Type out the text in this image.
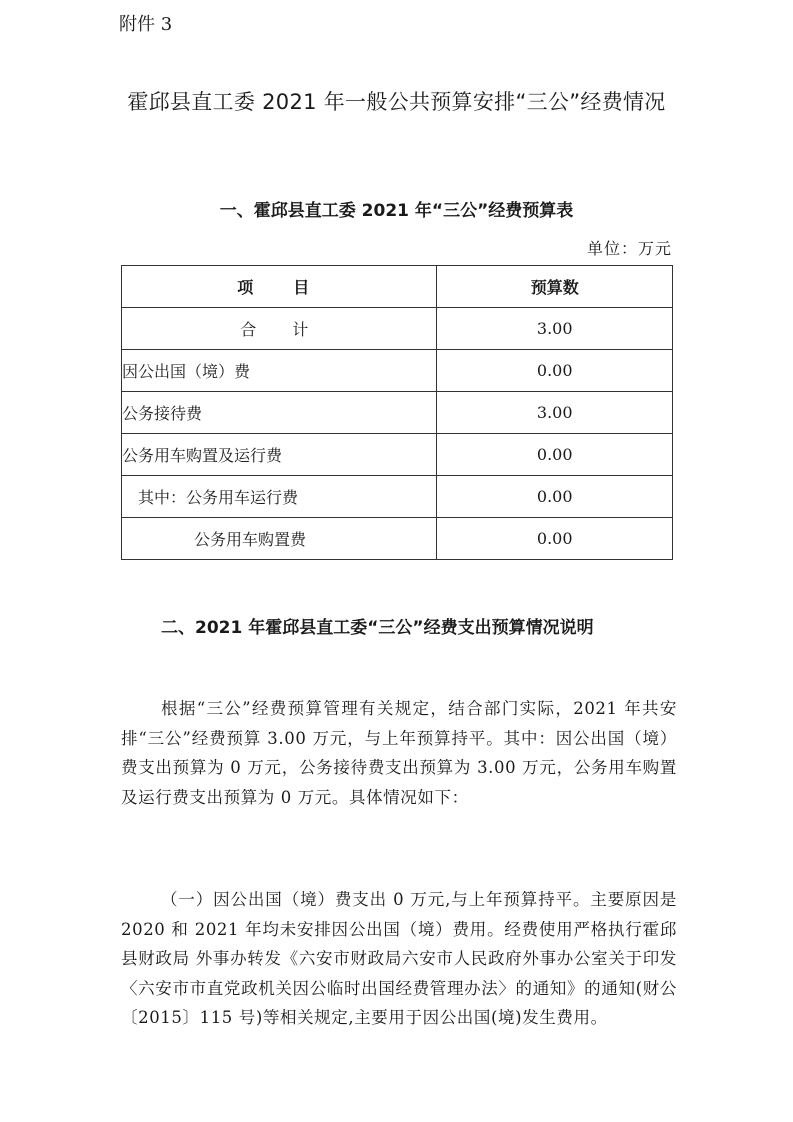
附件 3
霍邱县直工委 2021 年一般公共预算安排“三公”经费情况
一、霍邱县直工委 2021 年“三公”经费预算表
单位：万元
项　目	预算数
合　计	3.00
因公出国（境）费	0.00
公务接待费	3.00
公务用车购置及运行费	0.00
其中：公务用车运行费	0.00
公务用车购置费	0.00
二、2021 年霍邱县直工委“三公”经费支出预算情况说明

根据“三公”经费预算管理有关规定，结合部门实际，2021 年共安排“三公”经费预算 3.00 万元，与上年预算持平。其中：因公出国（境）费支出预算为 0 万元，公务接待费支出预算为 3.00 万元，公务用车购置及运行费支出预算为 0 万元。具体情况如下：

（一）因公出国（境）费支出 0 万元,与上年预算持平。主要原因是 2020 和 2021 年均未安排因公出国（境）费用。经费使用严格执行霍邱县财政局 外事办转发《六安市财政局六安市人民政府外事办公室关于印发〈六安市市直党政机关因公临时出国经费管理办法〉的通知》的通知(财公〔2015〕115 号)等相关规定,主要用于因公出国(境)发生费用。
